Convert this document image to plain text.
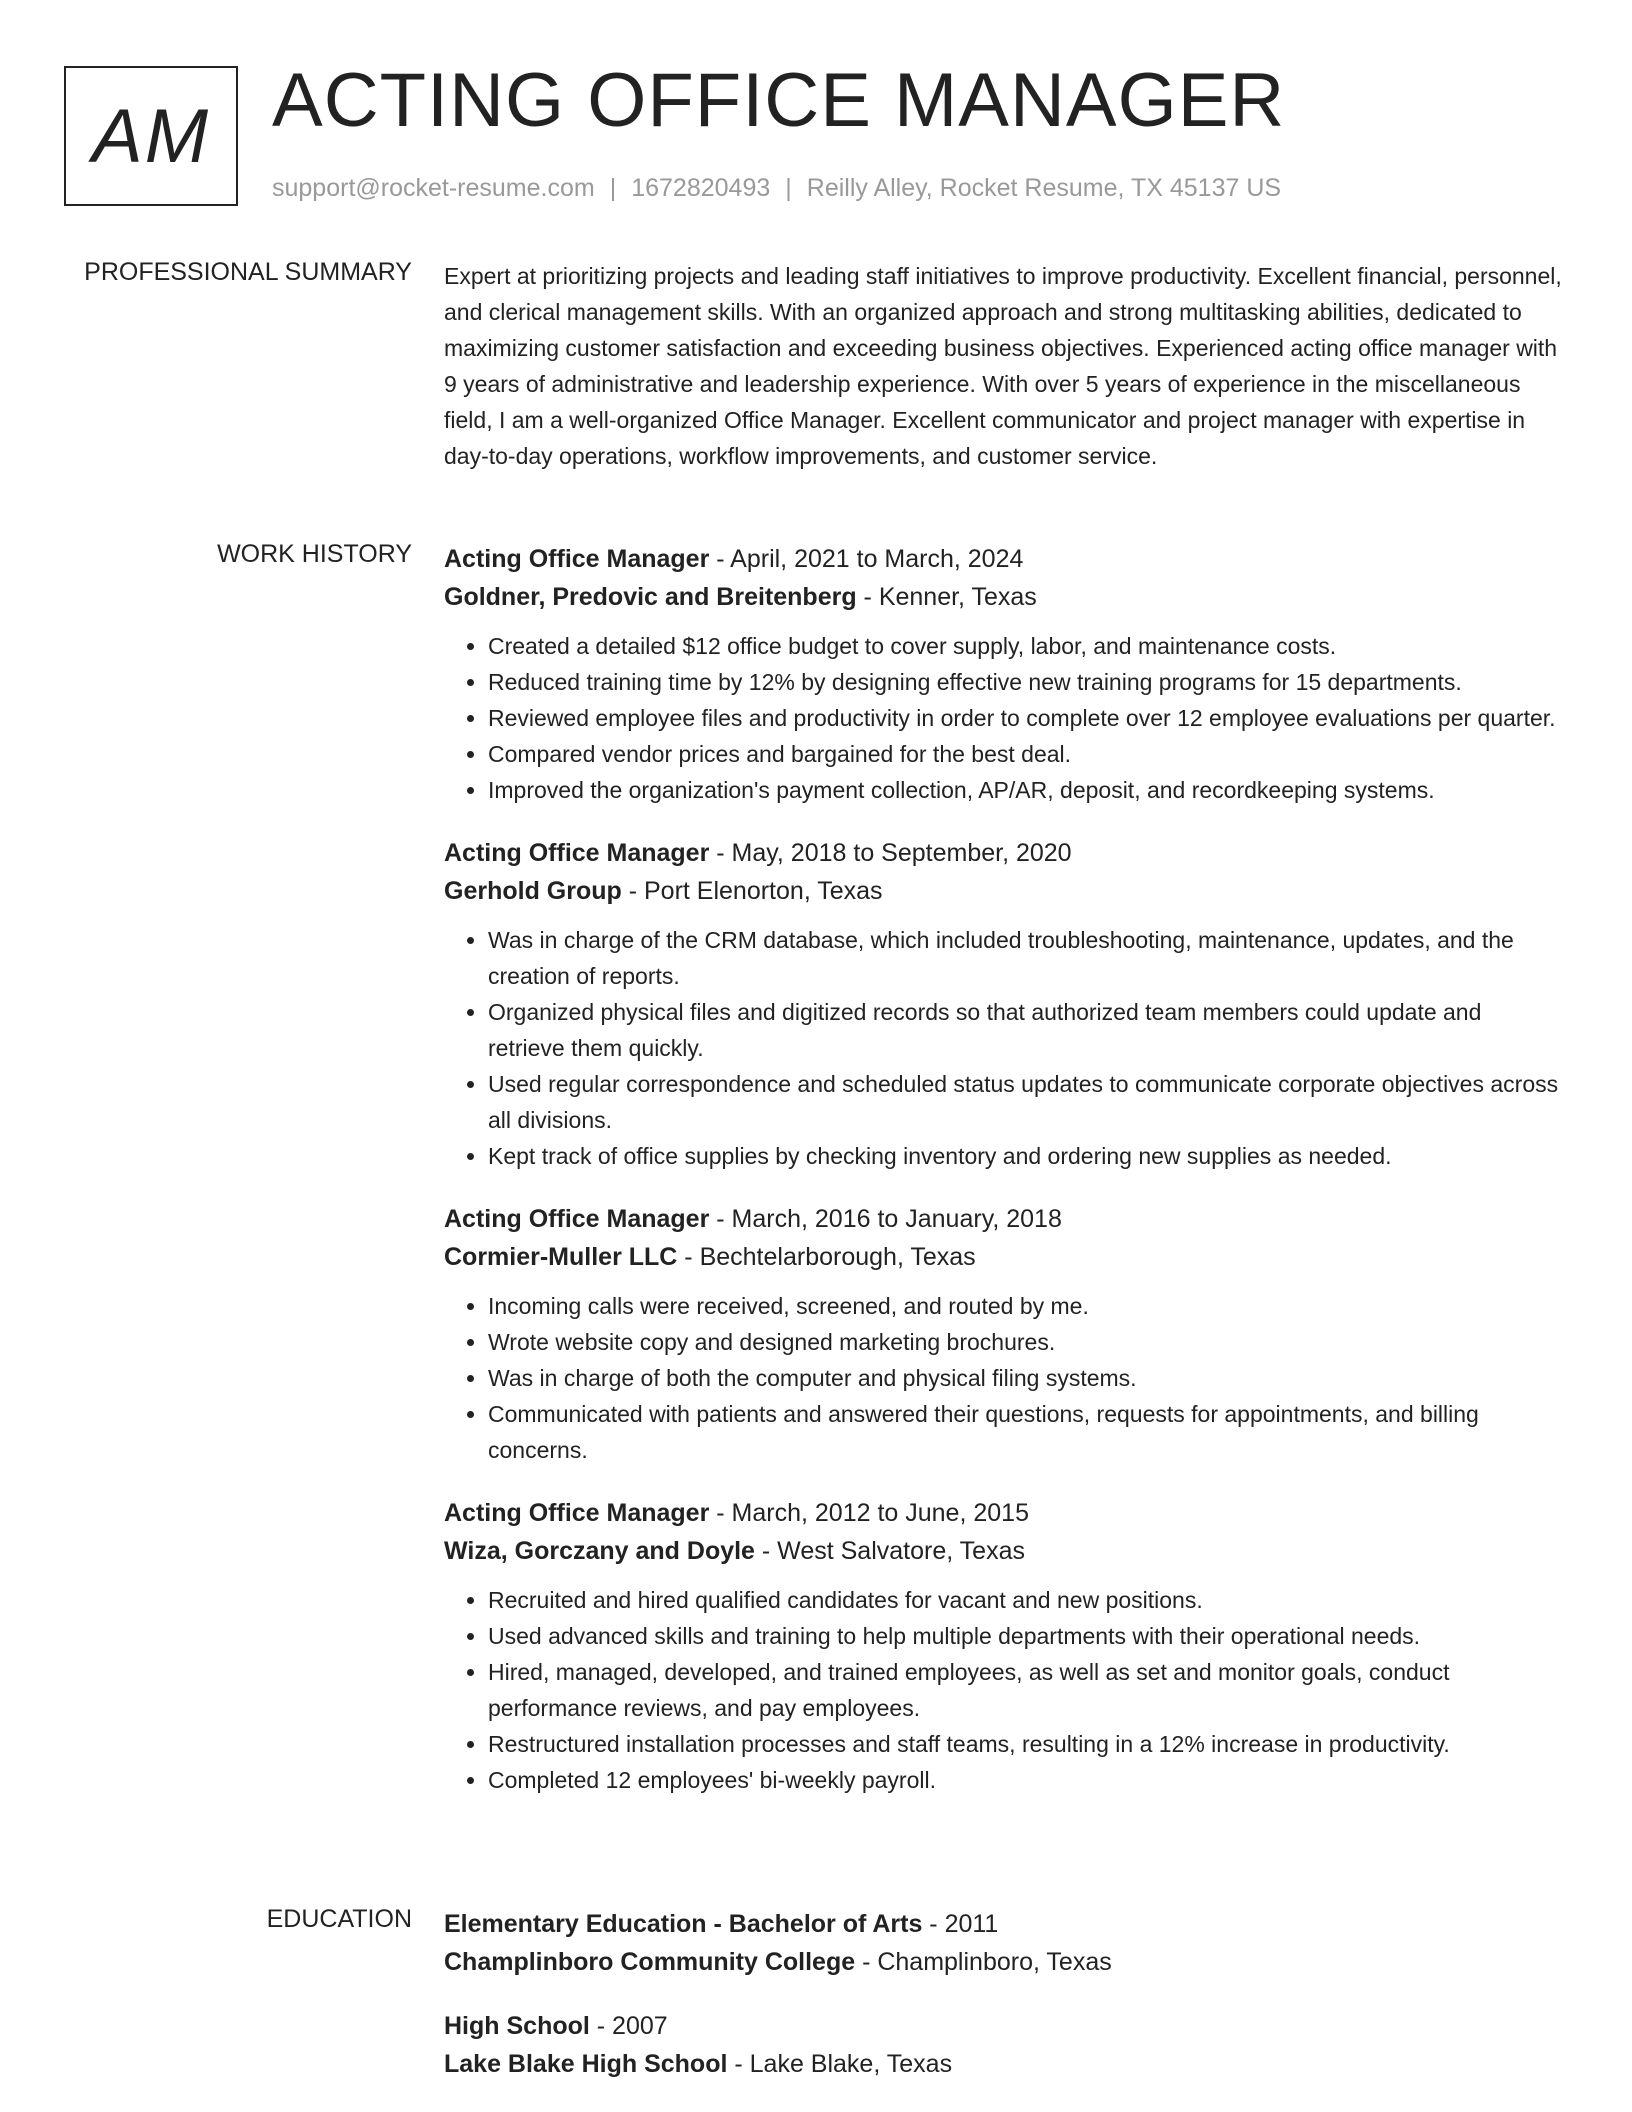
AM ACTING OFFICE MANAGER
support@rocket-resume.com | 1672820493 | Reilly Alley, Rocket Resume, TX 45137 US
PROFESSIONAL SUMMARY Expert at prioritizing projects and leading staff initiatives to improve productivity. Excellent financial, personnel, and clerical management skills. With an organized approach and strong multitasking abilities, dedicated to maximizing customer satisfaction and exceeding business objectives. Experienced acting office manager with 9 years of administrative and leadership experience. With over 5 years of experience in the miscellaneous field, I am a well-organized Office Manager. Excellent communicator and project manager with expertise in day-to-day operations, workflow improvements, and customer service.

WORK HISTORY Acting Office Manager - April, 2021 to March, 2024
Goldner, Predovic and Breitenberg - Kenner, Texas
• Created a detailed $12 office budget to cover supply, labor, and maintenance costs.
• Reduced training time by 12% by designing effective new training programs for 15 departments.
• Reviewed employee files and productivity in order to complete over 12 employee evaluations per quarter.
• Compared vendor prices and bargained for the best deal.
• Improved the organization's payment collection, AP/AR, deposit, and recordkeeping systems.
Acting Office Manager - May, 2018 to September, 2020
Gerhold Group - Port Elenorton, Texas
• Was in charge of the CRM database, which included troubleshooting, maintenance, updates, and the creation of reports.
• Organized physical files and digitized records so that authorized team members could update and retrieve them quickly.
• Used regular correspondence and scheduled status updates to communicate corporate objectives across all divisions.
• Kept track of office supplies by checking inventory and ordering new supplies as needed.
Acting Office Manager - March, 2016 to January, 2018
Cormier-Muller LLC - Bechtelarborough, Texas
• Incoming calls were received, screened, and routed by me.
• Wrote website copy and designed marketing brochures.
• Was in charge of both the computer and physical filing systems.
• Communicated with patients and answered their questions, requests for appointments, and billing concerns.
Acting Office Manager - March, 2012 to June, 2015
Wiza, Gorczany and Doyle - West Salvatore, Texas
• Recruited and hired qualified candidates for vacant and new positions.
• Used advanced skills and training to help multiple departments with their operational needs.
• Hired, managed, developed, and trained employees, as well as set and monitor goals, conduct performance reviews, and pay employees.
• Restructured installation processes and staff teams, resulting in a 12% increase in productivity.
• Completed 12 employees' bi-weekly payroll.
EDUCATION Elementary Education - Bachelor of Arts - 2011
Champlinboro Community College - Champlinboro, Texas
High School - 2007
Lake Blake High School - Lake Blake, Texas
